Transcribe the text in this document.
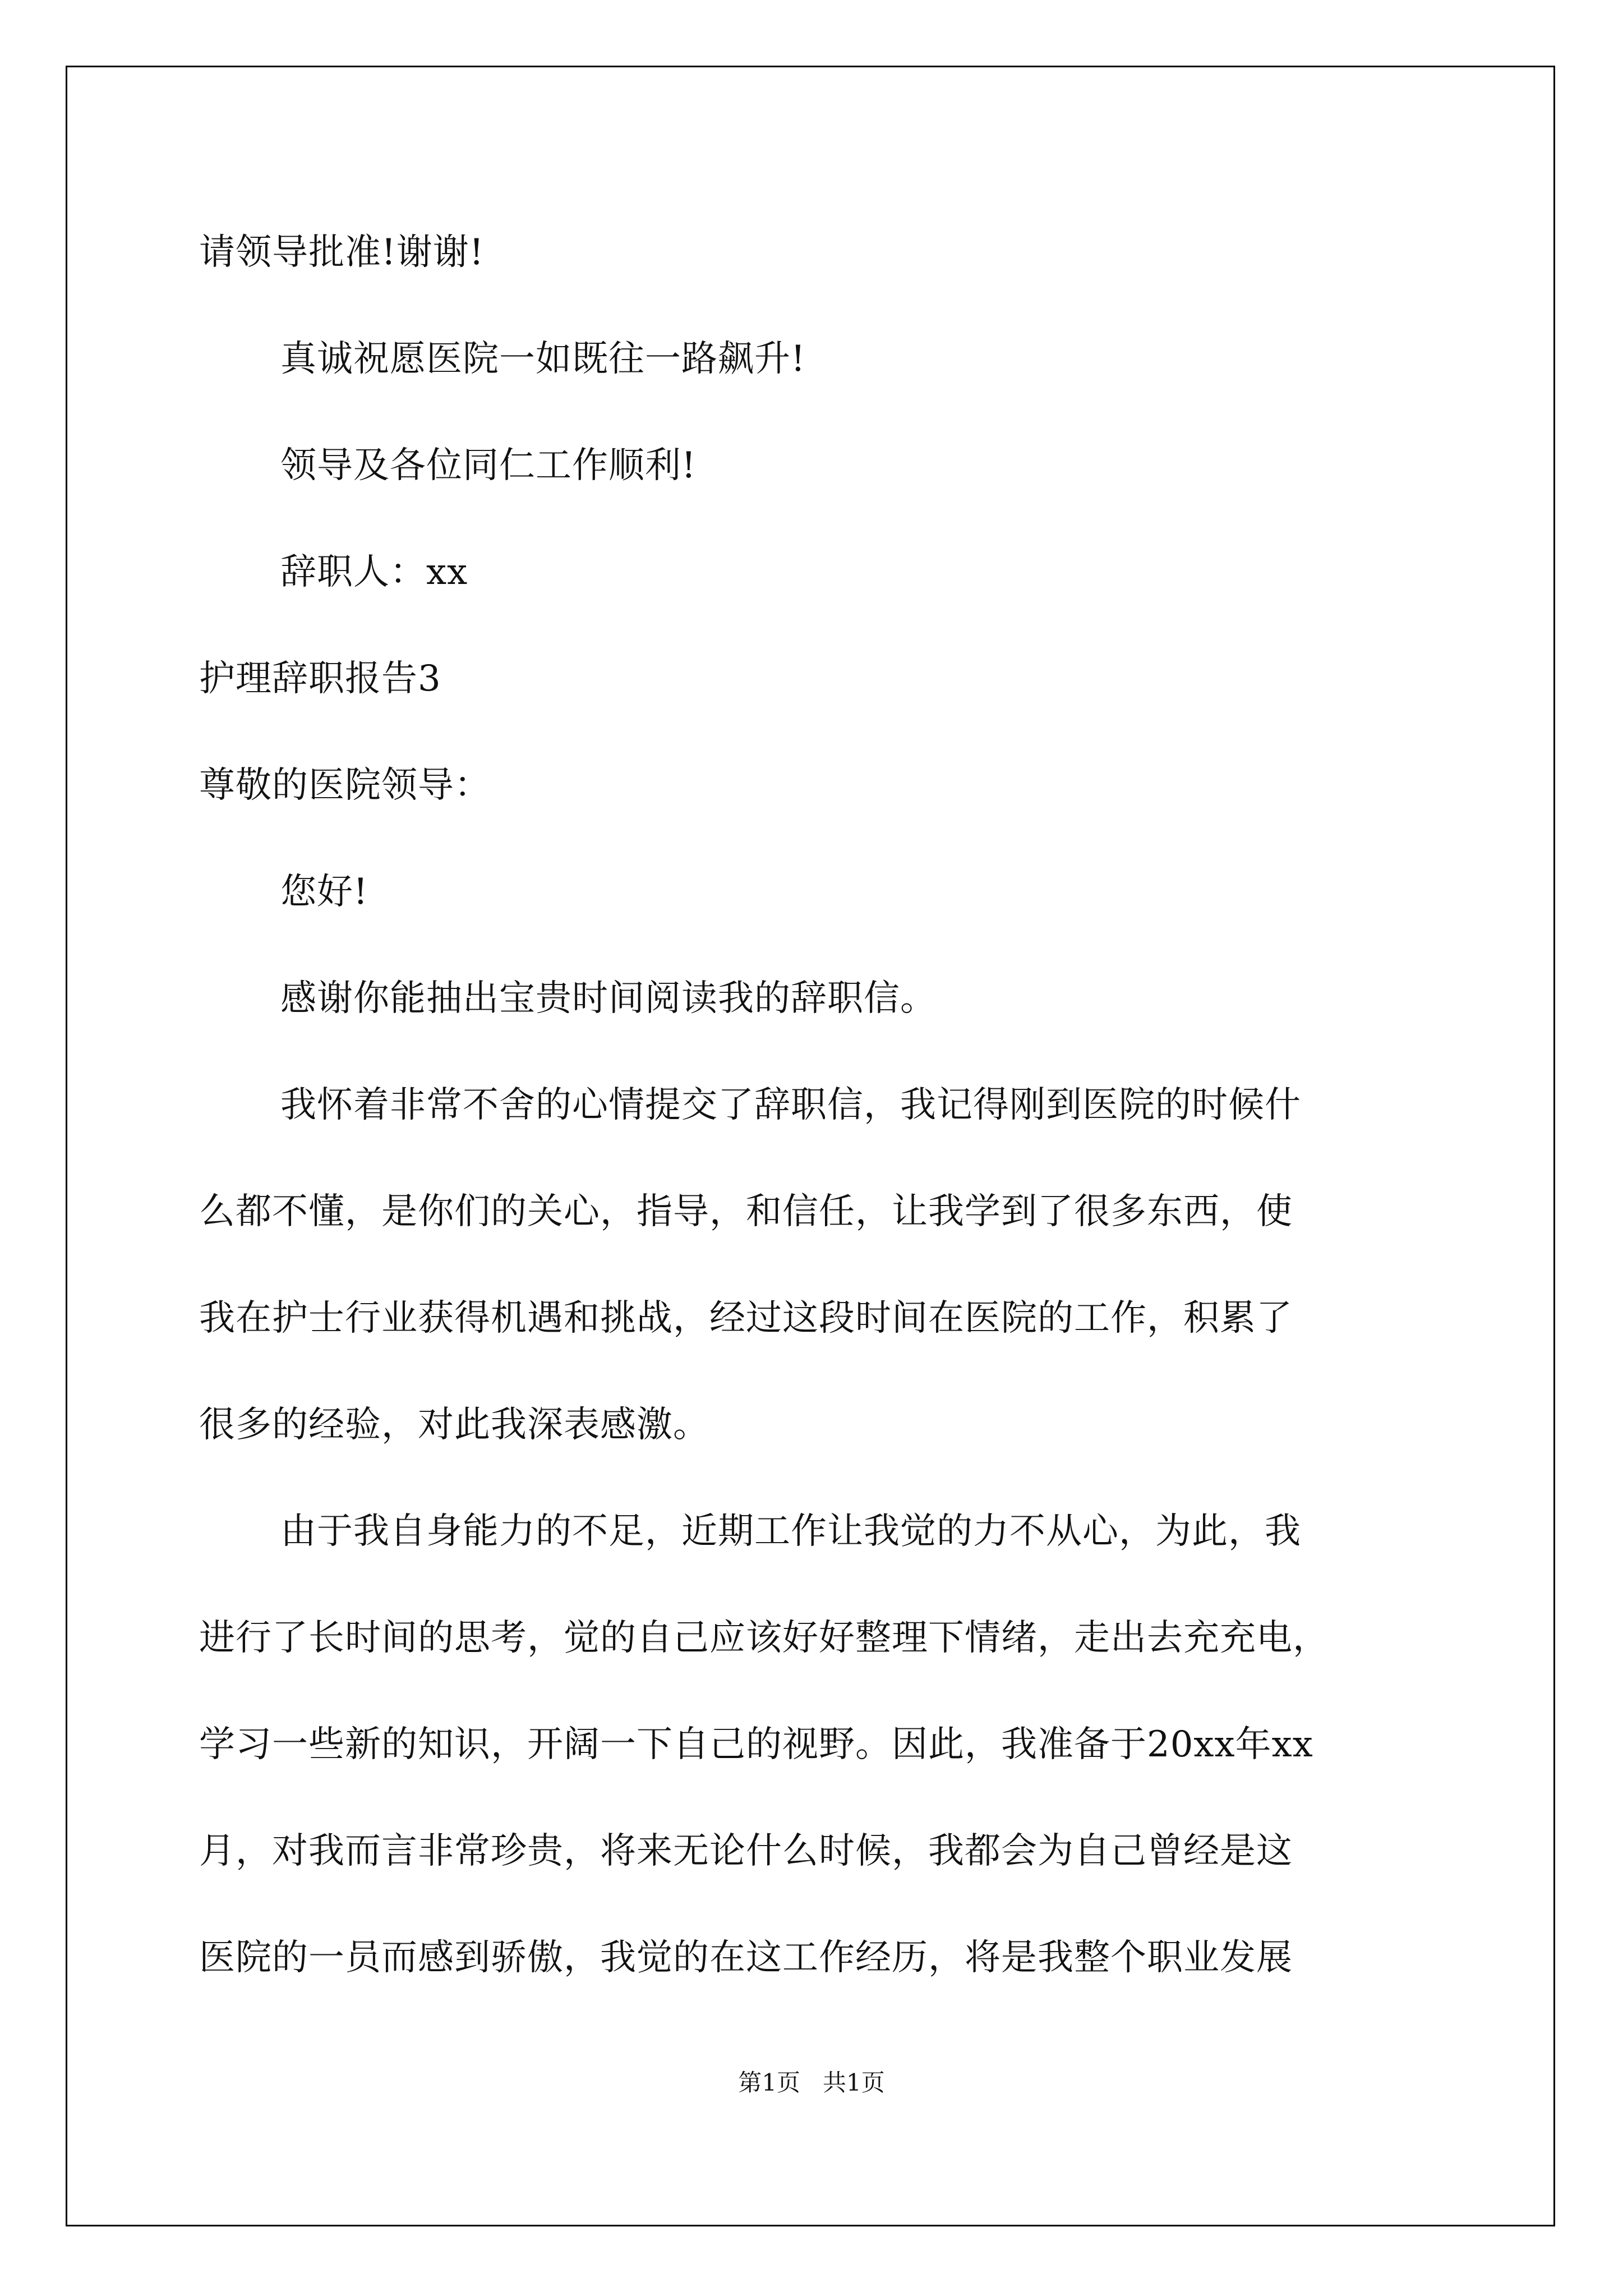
请领导批准!谢谢!
真诚祝愿医院一如既往一路飙升!
领导及各位同仁工作顺利!
辞职人：xx
护理辞职报告3
尊敬的医院领导：
您好!
感谢你能抽出宝贵时间阅读我的辞职信。
我怀着非常不舍的心情提交了辞职信，我记得刚到医院的时候什
么都不懂，是你们的关心，指导，和信任，让我学到了很多东西，使
我在护士行业获得机遇和挑战，经过这段时间在医院的工作，积累了
很多的经验，对此我深表感激。
由于我自身能力的不足，近期工作让我觉的力不从心，为此，我
进行了长时间的思考，觉的自己应该好好整理下情绪，走出去充充电，
学习一些新的知识，开阔一下自己的视野。因此，我准备于20xx年xx
月，对我而言非常珍贵，将来无论什么时候，我都会为自己曾经是这
医院的一员而感到骄傲，我觉的在这工作经历，将是我整个职业发展
第1页   共1页
